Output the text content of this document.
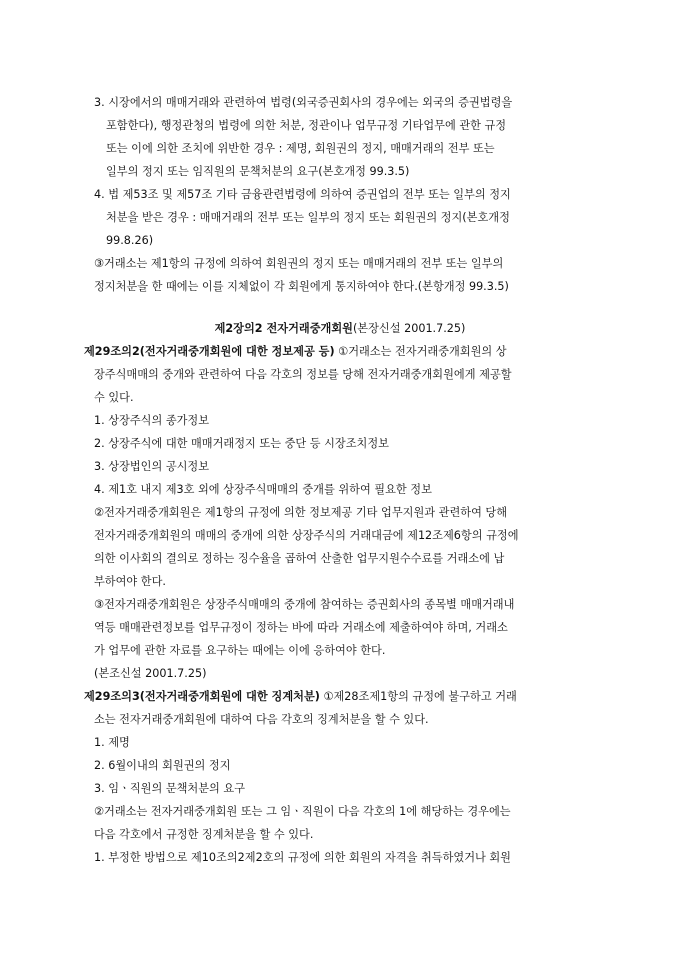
3. 시장에서의 매매거래와 관련하여 법령(외국증권회사의 경우에는 외국의 증권법령을
포함한다), 행정관청의 법령에 의한 처분, 정관이나 업무규정 기타업무에 관한 규정
또는 이에 의한 조치에 위반한 경우 : 제명, 회원권의 정지, 매매거래의 전부 또는
일부의 정지 또는 임직원의 문책처분의 요구(본호개정 99.3.5)
4. 법 제53조 및 제57조 기타 금융관련법령에 의하여 증권업의 전부 또는 일부의 정지
처분을 받은 경우 : 매매거래의 전부 또는 일부의 정지 또는 회원권의 정지(본호개정
99.8.26)
③거래소는 제1항의 규정에 의하여 회원권의 정지 또는 매매거래의 전부 또는 일부의
정지처분을 한 때에는 이를 지체없이 각 회원에게 통지하여야 한다.(본항개정 99.3.5)
제2장의2 전자거래중개회원(본장신설 2001.7.25)
제29조의2(전자거래중개회원에 대한 정보제공 등) ①거래소는 전자거래중개회원의 상
장주식매매의 중개와 관련하여 다음 각호의 정보를 당해 전자거래중개회원에게 제공할
수 있다.
1. 상장주식의 종가정보
2. 상장주식에 대한 매매거래정지 또는 중단 등 시장조치정보
3. 상장법인의 공시정보
4. 제1호 내지 제3호 외에 상장주식매매의 중개를 위하여 필요한 정보
②전자거래중개회원은 제1항의 규정에 의한 정보제공 기타 업무지원과 관련하여 당해
전자거래중개회원의 매매의 중개에 의한 상장주식의 거래대금에 제12조제6항의 규정에
의한 이사회의 결의로 정하는 징수율을 곱하여 산출한 업무지원수수료를 거래소에 납
부하여야 한다.
③전자거래중개회원은 상장주식매매의 중개에 참여하는 증권회사의 종목별 매매거래내
역등 매매관련정보를 업무규정이 정하는 바에 따라 거래소에 제출하여야 하며, 거래소
가 업무에 관한 자료를 요구하는 때에는 이에 응하여야 한다.
(본조신설 2001.7.25)
제29조의3(전자거래중개회원에 대한 징계처분) ①제28조제1항의 규정에 불구하고 거래
소는 전자거래중개회원에 대하여 다음 각호의 징계처분을 할 수 있다.
1. 제명
2. 6월이내의 회원권의 정지
3. 임ㆍ직원의 문책처분의 요구
②거래소는 전자거래중개회원 또는 그 임ㆍ직원이 다음 각호의 1에 해당하는 경우에는
다음 각호에서 규정한 징계처분을 할 수 있다.
1. 부정한 방법으로 제10조의2제2호의 규정에 의한 회원의 자격을 취득하였거나 회원
